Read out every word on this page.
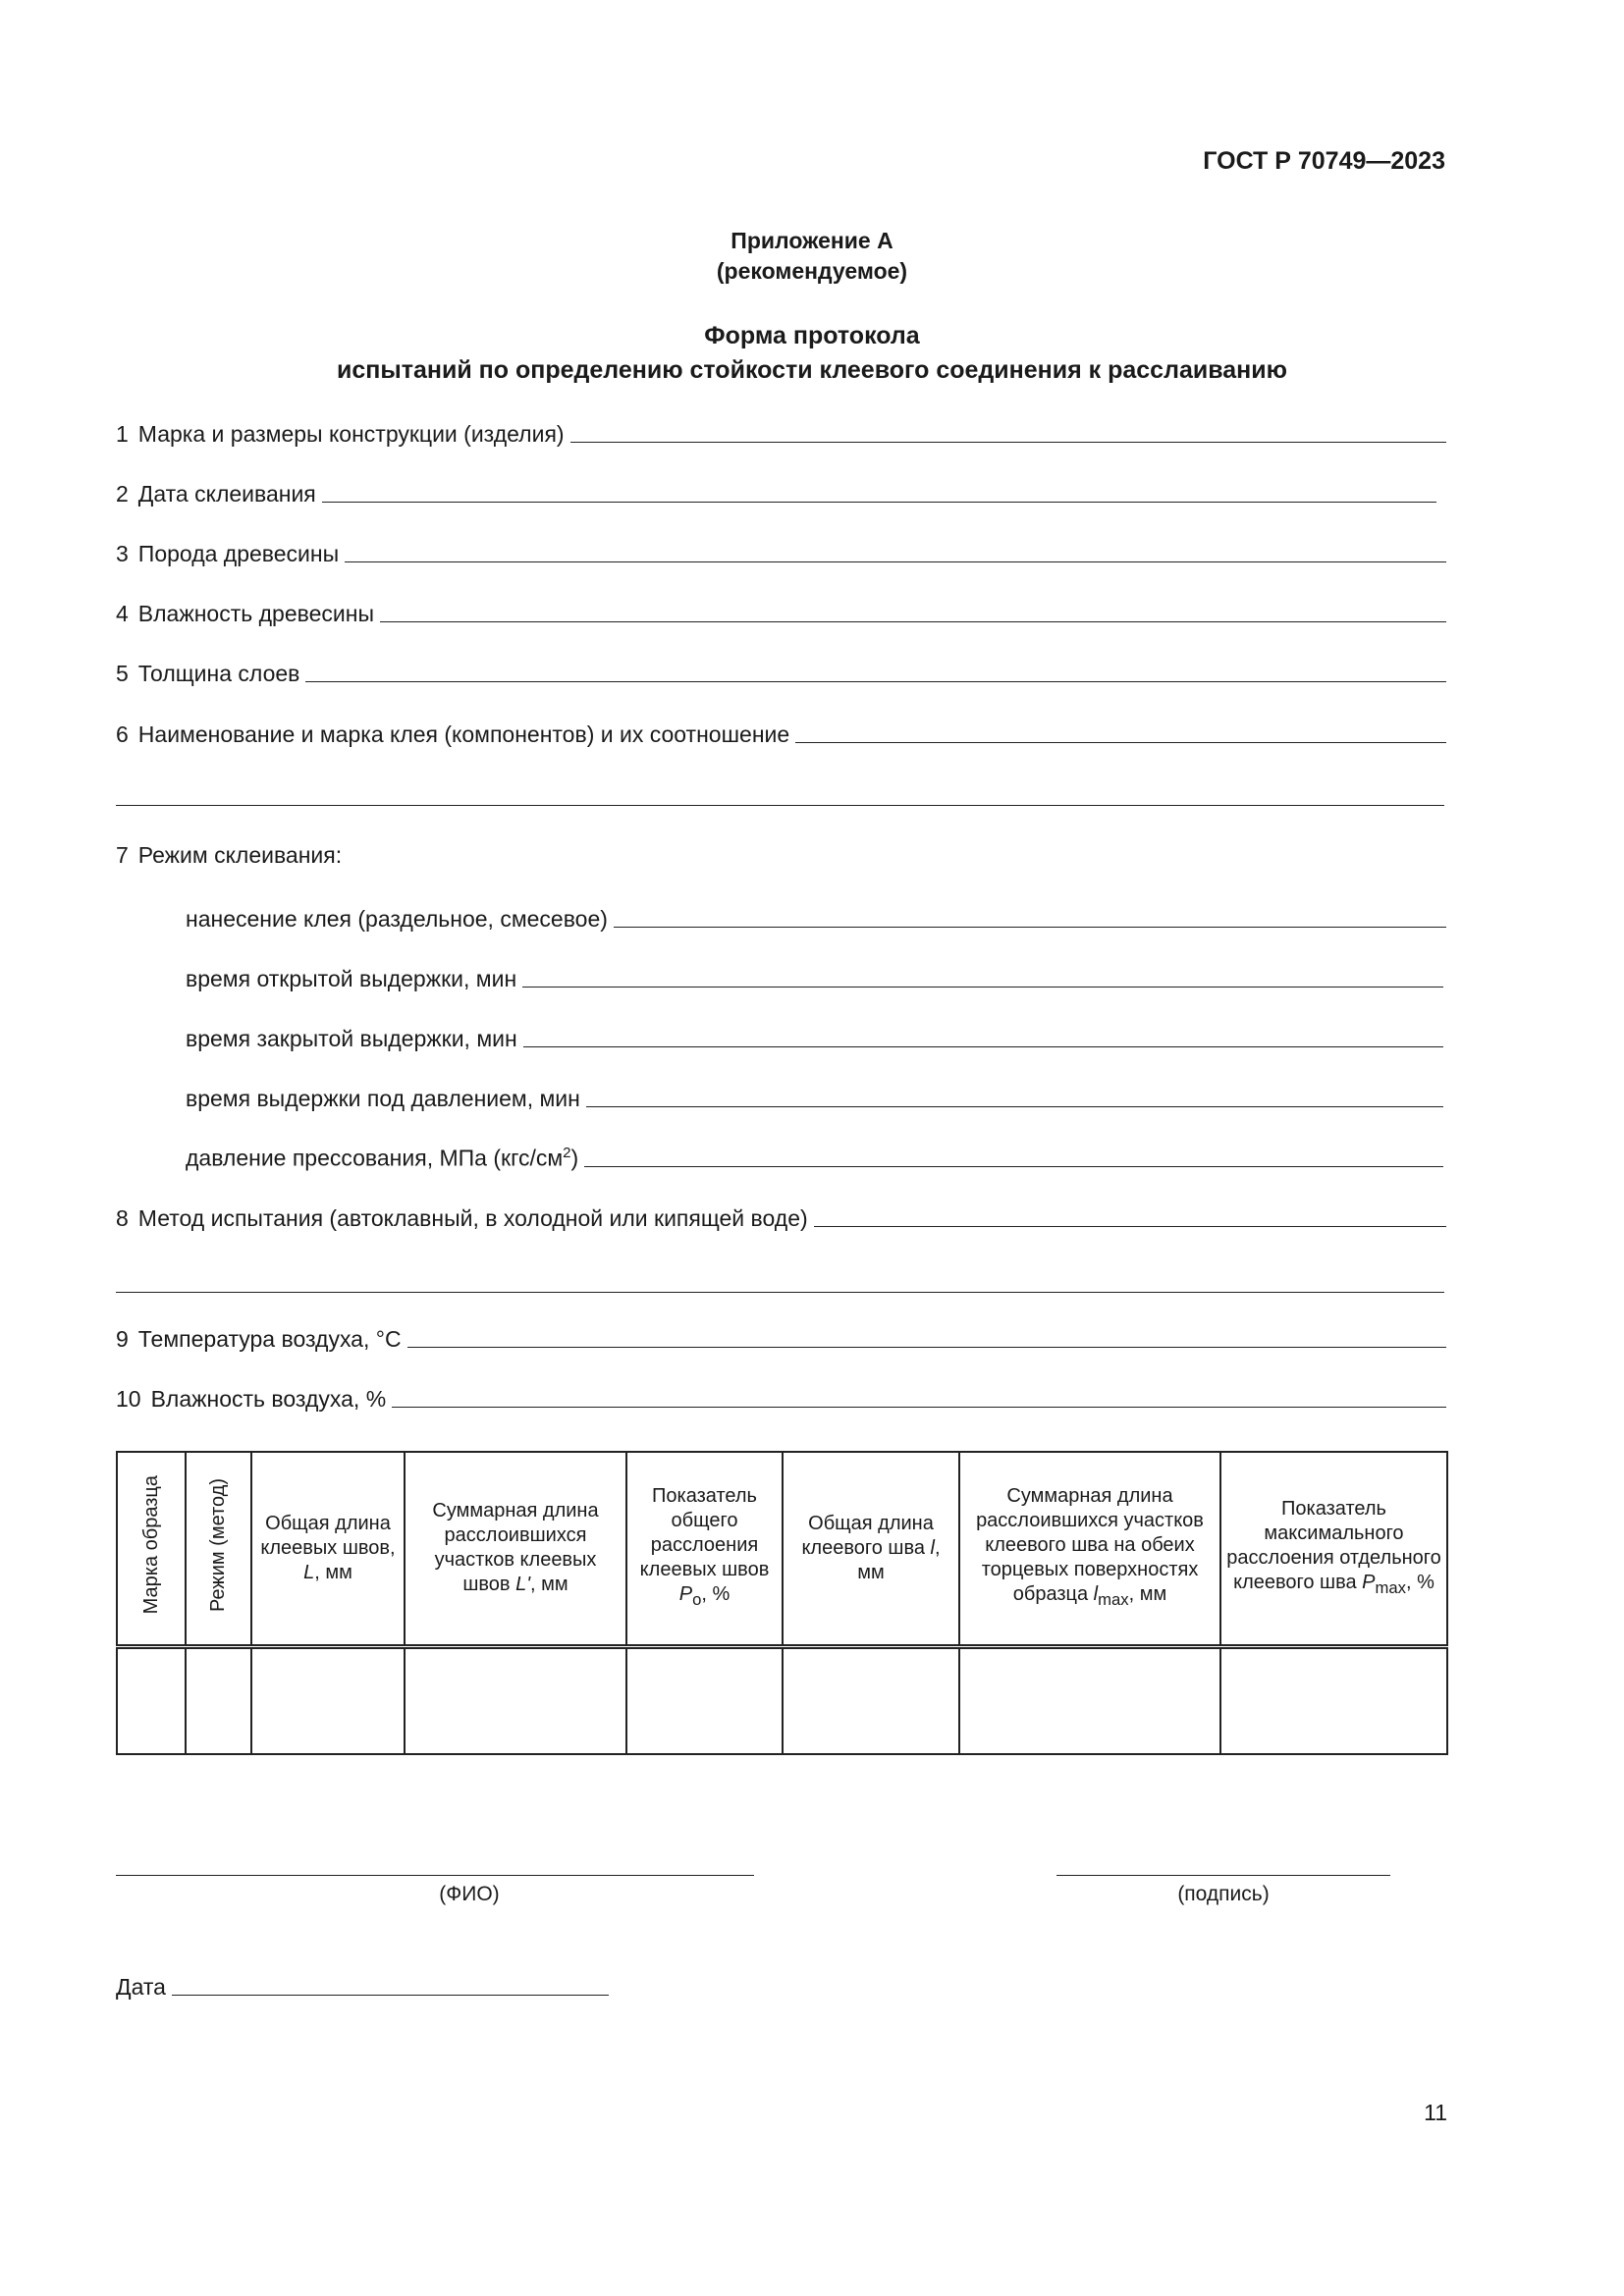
ГОСТ Р 70749—2023
Приложение А
(рекомендуемое)
Форма протокола
испытаний по определению стойкости клеевого соединения к расслаиванию
1 Марка и размеры конструкции (изделия)
2 Дата склеивания
3 Порода древесины
4 Влажность древесины
5 Толщина слоев
6 Наименование и марка клея (компонентов) и их соотношение
7 Режим склеивания:
нанесение клея (раздельное, смесевое)
время открытой выдержки, мин
время закрытой выдержки, мин
время выдержки под давлением, мин
давление прессования, МПа $(кгс/см^2)$
8 Метод испытания (автоклавный, в холодной или кипящей воде)
9 Температура воздуха, °С
10 Влажность воздуха, %
Марка образца	Режим (метод)	Общая длина клеевых швов, L, мм	Суммарная длина расслоившихся участков клеевых швов L', мм	Показатель общего расслоения клеевых швов $P_о$, %	Общая длина клеевого шва l, мм	Суммарная длина расслоившихся участков клеевого шва на обеих торцевых поверхностях образца $l_{max}$, мм	Показатель максимального расслоения отдельного клеевого шва $P_{max}$, %

(ФИО)	(подпись)
Дата
11
